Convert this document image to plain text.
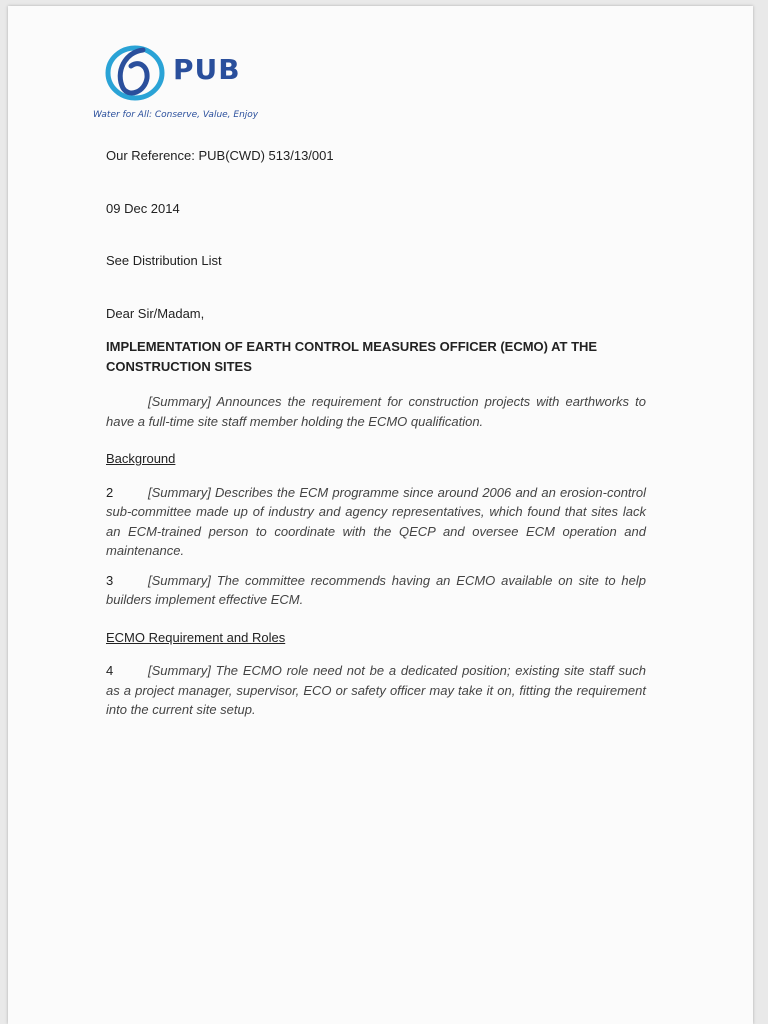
PUB
Water for All: Conserve, Value, Enjoy

Our Reference: PUB(CWD) 513/13/001

09 Dec 2014

See Distribution List

Dear Sir/Madam,

IMPLEMENTATION OF EARTH CONTROL MEASURES OFFICER (ECMO) AT THE CONSTRUCTION SITES

[Summary] Announces the requirement for construction projects with earthworks to have a full-time site staff member holding the ECMO qualification.

Background

2	[Summary] Describes the ECM programme since around 2006 and an erosion-control sub-committee made up of industry and agency representatives, which found that sites lack an ECM-trained person to coordinate with the QECP and oversee ECM operation and maintenance.

3	[Summary] The committee recommends having an ECMO available on site to help builders implement effective ECM.

ECMO Requirement and Roles

4	[Summary] The ECMO role need not be a dedicated position; existing site staff such as a project manager, supervisor, ECO or safety officer may take it on, fitting the requirement into the current site setup.
